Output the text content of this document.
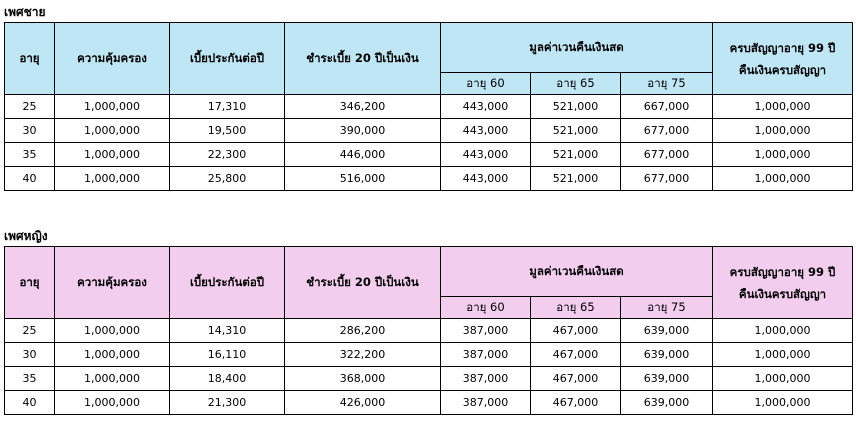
เพศชาย
อายุ	ความคุ้มครอง	เบี้ยประกันต่อปี	ชำระเบี้ย 20 ปีเป็นเงิน	มูลค่าเวนคืนเงินสด			ครบสัญญาอายุ 99 ปี
คืนเงินครบสัญญา
				อายุ 60	อายุ 65	อายุ 75	
25	1,000,000	17,310	346,200	443,000	521,000	667,000	1,000,000
30	1,000,000	19,500	390,000	443,000	521,000	677,000	1,000,000
35	1,000,000	22,300	446,000	443,000	521,000	677,000	1,000,000
40	1,000,000	25,800	516,000	443,000	521,000	677,000	1,000,000
เพศหญิง
อายุ	ความคุ้มครอง	เบี้ยประกันต่อปี	ชำระเบี้ย 20 ปีเป็นเงิน	มูลค่าเวนคืนเงินสด			ครบสัญญาอายุ 99 ปี
คืนเงินครบสัญญา
				อายุ 60	อายุ 65	อายุ 75	
25	1,000,000	14,310	286,200	387,000	467,000	639,000	1,000,000
30	1,000,000	16,110	322,200	387,000	467,000	639,000	1,000,000
35	1,000,000	18,400	368,000	387,000	467,000	639,000	1,000,000
40	1,000,000	21,300	426,000	387,000	467,000	639,000	1,000,000
